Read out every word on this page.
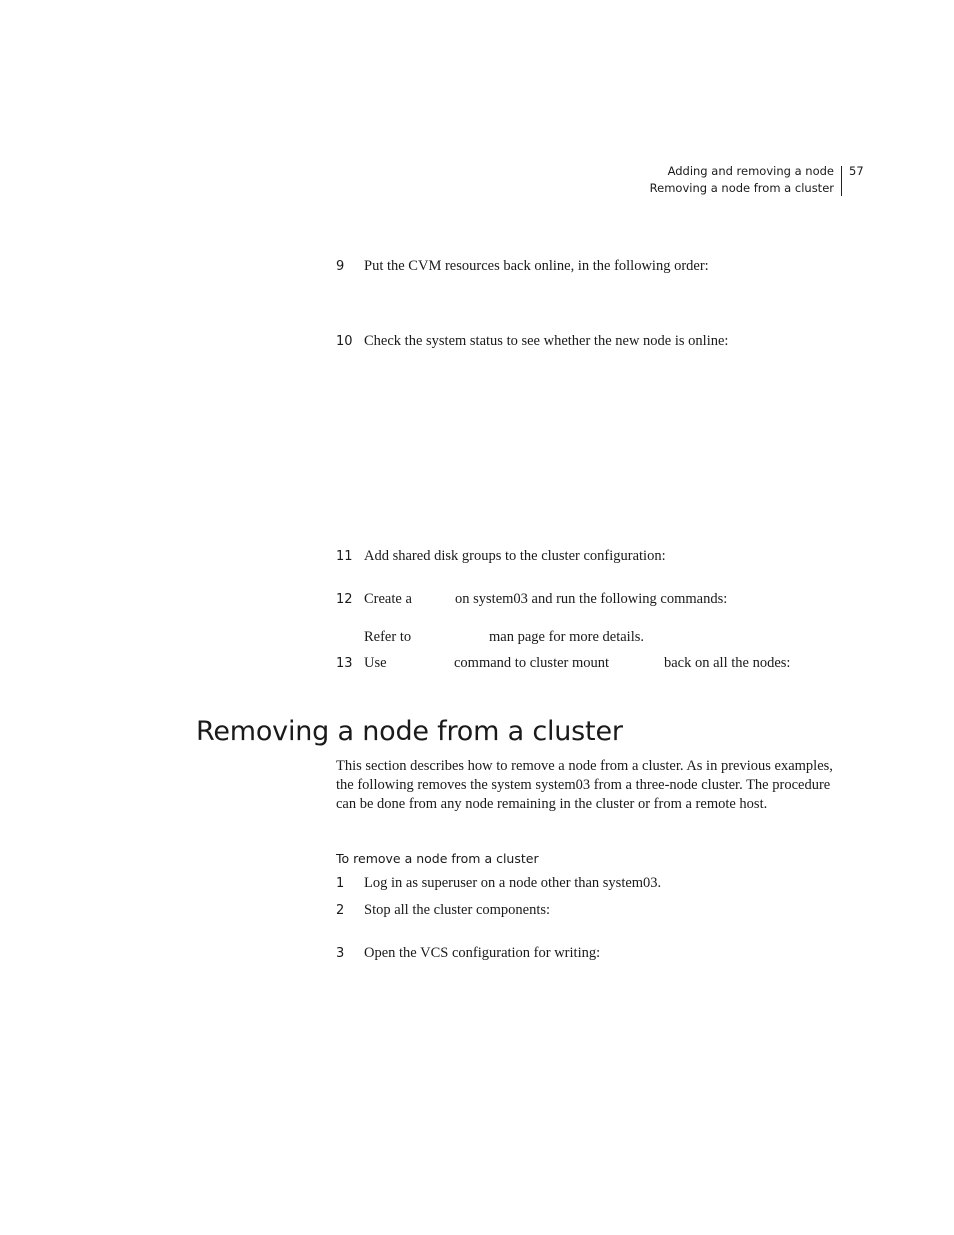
Adding and removing a node
Removing a node from a cluster
57
9 Put the CVM resources back online, in the following order:
10 Check the system status to see whether the new node is online:
11 Add shared disk groups to the cluster configuration:
12 Create a	on system03 and run the following commands:
Refer to	man page for more details.
13 Use	command to cluster mount	back on all the nodes:
Removing a node from a cluster
This section describes how to remove a node from a cluster. As in previous examples, the following removes the system system03 from a three-node cluster. The procedure can be done from any node remaining in the cluster or from a remote host.
To remove a node from a cluster
1 Log in as superuser on a node other than system03.
2 Stop all the cluster components:
3 Open the VCS configuration for writing:
